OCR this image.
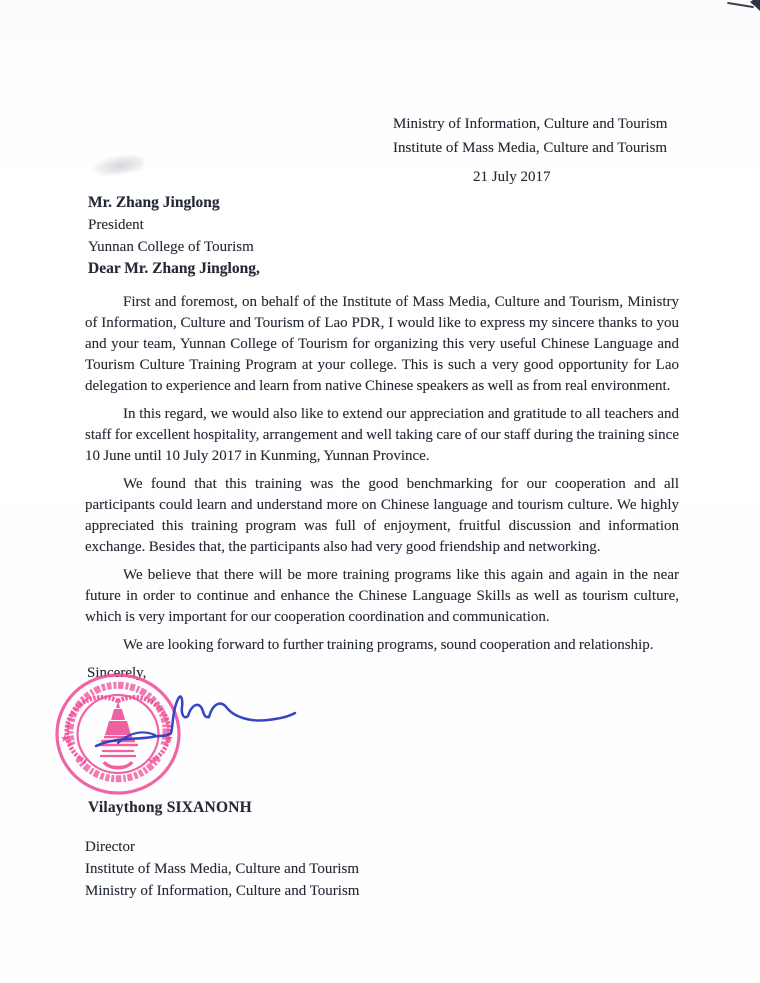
Ministry of Information, Culture and Tourism
Institute of Mass Media, Culture and Tourism
21 July 2017
Mr. Zhang Jinglong
President
Yunnan College of Tourism
Dear Mr. Zhang Jinglong,

First and foremost, on behalf of the Institute of Mass Media, Culture and Tourism, Ministry of Information, Culture and Tourism of Lao PDR, I would like to express my sincere thanks to you and your team, Yunnan College of Tourism for organizing this very useful Chinese Language and Tourism Culture Training Program at your college. This is such a very good opportunity for Lao delegation to experience and learn from native Chinese speakers as well as from real environment.

In this regard, we would also like to extend our appreciation and gratitude to all teachers and staff for excellent hospitality, arrangement and well taking care of our staff during the training since 10 June until 10 July 2017 in Kunming, Yunnan Province.

We found that this training was the good benchmarking for our cooperation and all participants could learn and understand more on Chinese language and tourism culture. We highly appreciated this training program was full of enjoyment, fruitful discussion and information exchange. Besides that, the participants also had very good friendship and networking.

We believe that there will be more training programs like this again and again in the near future in order to continue and enhance the Chinese Language Skills as well as tourism culture, which is very important for our cooperation coordination and communication.

We are looking forward to further training programs, sound cooperation and relationship.

Sincerely,

★	★
Vilaythong SIXANONH
Director
Institute of Mass Media, Culture and Tourism
Ministry of Information, Culture and Tourism
